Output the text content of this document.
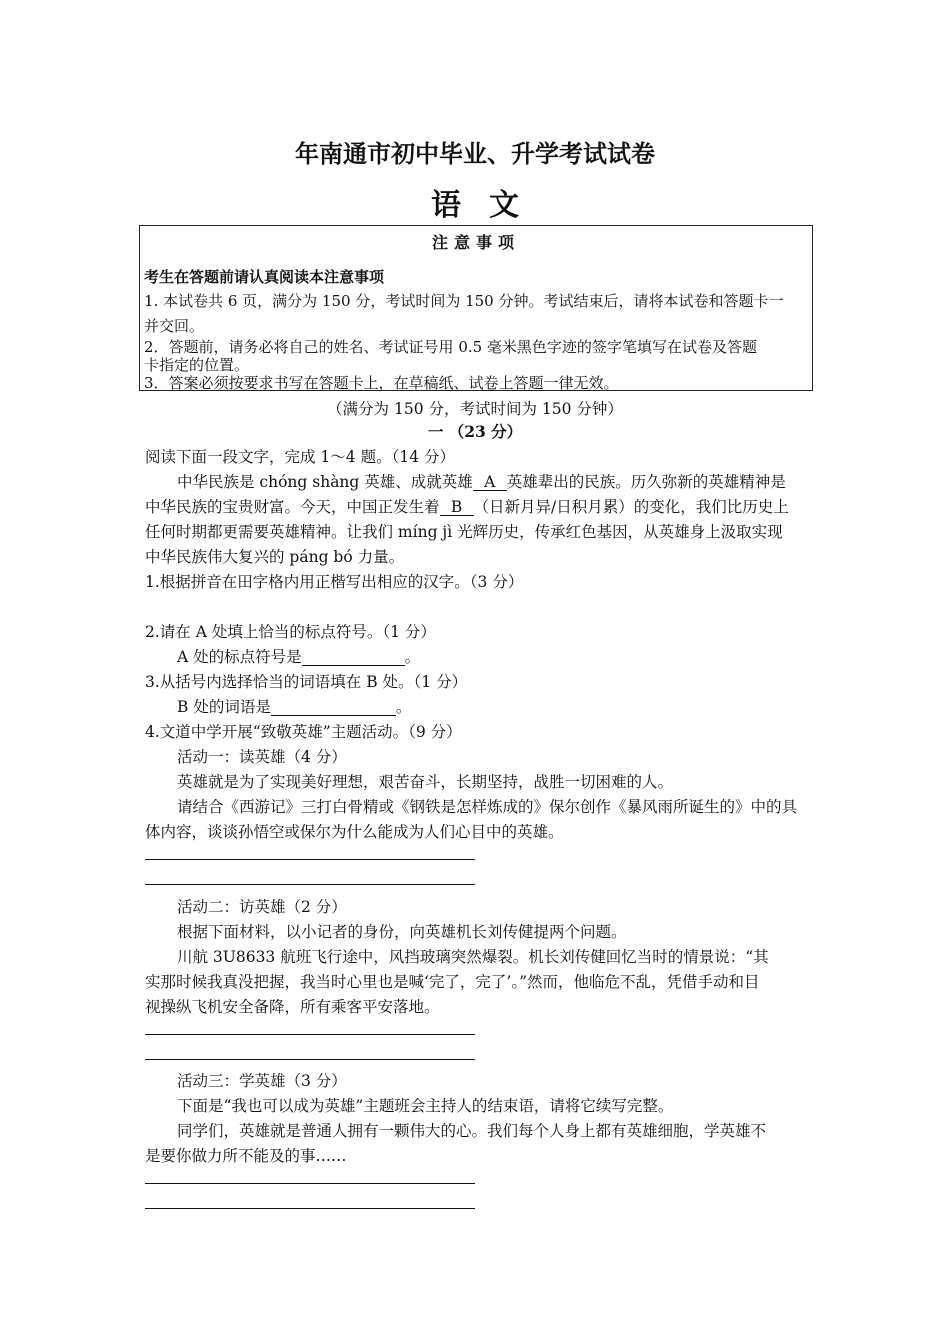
年南通市初中毕业、升学考试试卷
语文
注意事项
考生在答题前请认真阅读本注意事项
1. 本试卷共 6 页，满分为 150 分，考试时间为 150 分钟。考试结束后，请将本试卷和答题卡一
并交回。
2．答题前，请务必将自己的姓名、考试证号用 0.5 毫米黑色字迹的签字笔填写在试卷及答题
卡指定的位置。
3．答案必须按要求书写在答题卡上，在草稿纸、试卷上答题一律无效。
（满分为 150 分，考试时间为 150 分钟）
一 （23 分）
阅读下面一段文字，完成 1～4 题。（14 分）
中华民族是 chóng shàng 英雄、成就英雄 A 英雄辈出的民族。历久弥新的英雄精神是
中华民族的宝贵财富。今天，中国正发生着 B （日新月异/日积月累）的变化，我们比历史上
任何时期都更需要英雄精神。让我们 míng jì 光辉历史，传承红色基因，从英雄身上汲取实现
中华民族伟大复兴的 páng bó 力量。
1.根据拼音在田字格内用正楷写出相应的汉字。（3 分）
2.请在 A 处填上恰当的标点符号。（1 分）
A 处的标点符号是	。
3.从括号内选择恰当的词语填在 B 处。（1 分）
B 处的词语是	。
4.文道中学开展“致敬英雄”主题活动。（9 分）
活动一：读英雄（4 分）
英雄就是为了实现美好理想，艰苦奋斗，长期坚持，战胜一切困难的人。
请结合《西游记》三打白骨精或《钢铁是怎样炼成的》保尔创作《暴风雨所诞生的》中的具
体内容，谈谈孙悟空或保尔为什么能成为人们心目中的英雄。
活动二：访英雄（2 分）
根据下面材料，以小记者的身份，向英雄机长刘传健提两个问题。
川航 3U8633 航班飞行途中，风挡玻璃突然爆裂。机长刘传健回忆当时的情景说：“其
实那时候我真没把握，我当时心里也是喊‘完了，完了’。”然而，他临危不乱，凭借手动和目
视操纵飞机安全备降，所有乘客平安落地。
活动三：学英雄（3 分）
下面是“我也可以成为英雄”主题班会主持人的结束语，请将它续写完整。
同学们，英雄就是普通人拥有一颗伟大的心。我们每个人身上都有英雄细胞，学英雄不
是要你做力所不能及的事……
